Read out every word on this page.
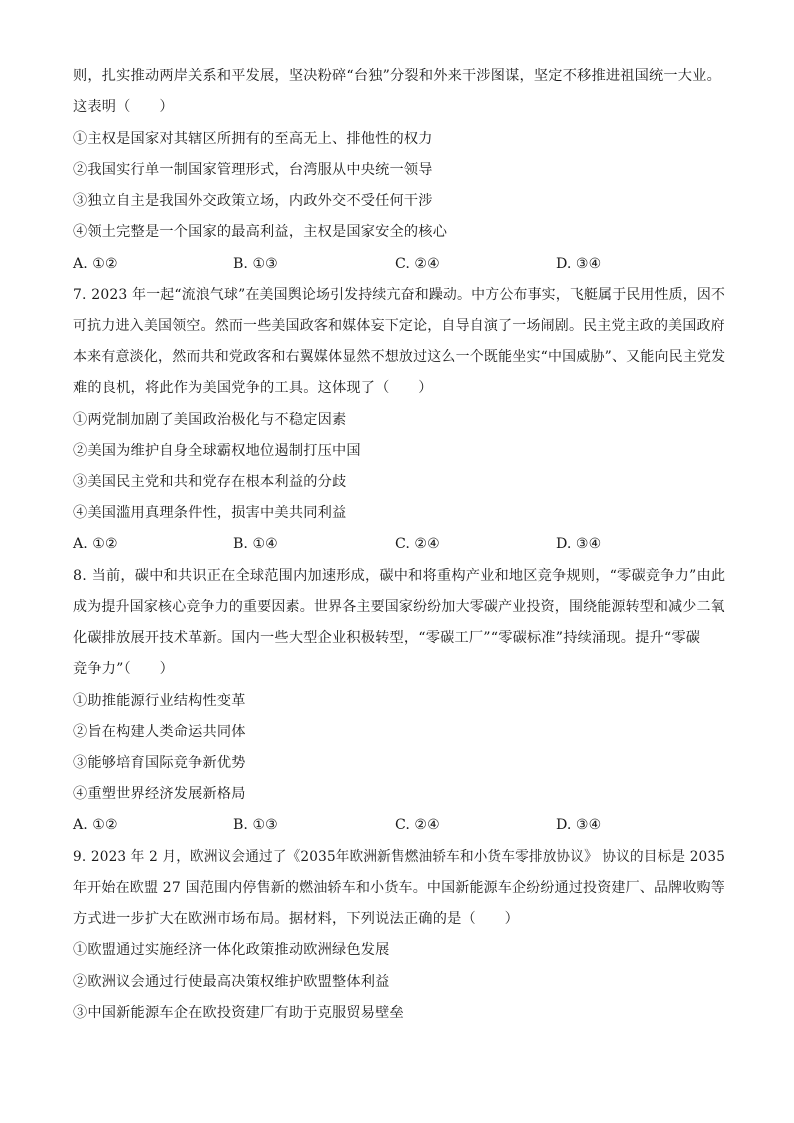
则，扎实推动两岸关系和平发展，坚决粉碎“台独”分裂和外来干涉图谋，坚定不移推进祖国统一大业。
这表明（　　）
①主权是国家对其辖区所拥有的至高无上、排他性的权力
②我国实行单一制国家管理形式，台湾服从中央统一领导
③独立自主是我国外交政策立场，内政外交不受任何干涉
④领土完整是一个国家的最高利益，主权是国家安全的核心
A. ①②	B. ①③	C. ②④	D. ③④
7. 2023 年一起“流浪气球”在美国舆论场引发持续亢奋和躁动。中方公布事实，飞艇属于民用性质，因不
可抗力进入美国领空。然而一些美国政客和媒体妄下定论，自导自演了一场闹剧。民主党主政的美国政府
本来有意淡化，然而共和党政客和右翼媒体显然不想放过这么一个既能坐实“中国威胁”、又能向民主党发
难的良机，将此作为美国党争的工具。这体现了（　　）
①两党制加剧了美国政治极化与不稳定因素
②美国为维护自身全球霸权地位遏制打压中国
③美国民主党和共和党存在根本利益的分歧
④美国滥用真理条件性，损害中美共同利益
A. ①②	B. ①④	C. ②④	D. ③④
8. 当前，碳中和共识正在全球范围内加速形成，碳中和将重构产业和地区竞争规则，“零碳竞争力”由此
成为提升国家核心竞争力的重要因素。世界各主要国家纷纷加大零碳产业投资，围绕能源转型和减少二氧
化碳排放展开技术革新。国内一些大型企业积极转型，“零碳工厂”“零碳标准”持续涌现。提升“零碳
竞争力”（　　）
①助推能源行业结构性变革
②旨在构建人类命运共同体
③能够培育国际竞争新优势
④重塑世界经济发展新格局
A. ①②	B. ①③	C. ②④	D. ③④
9. 2023 年 2 月，欧洲议会通过了《2035年欧洲新售燃油轿车和小货车零排放协议》 协议的目标是 2035
年开始在欧盟 27 国范围内停售新的燃油轿车和小货车。中国新能源车企纷纷通过投资建厂、品牌收购等
方式进一步扩大在欧洲市场布局。据材料，下列说法正确的是（　　）
①欧盟通过实施经济一体化政策推动欧洲绿色发展
②欧洲议会通过行使最高决策权维护欧盟整体利益
③中国新能源车企在欧投资建厂有助于克服贸易壁垒
